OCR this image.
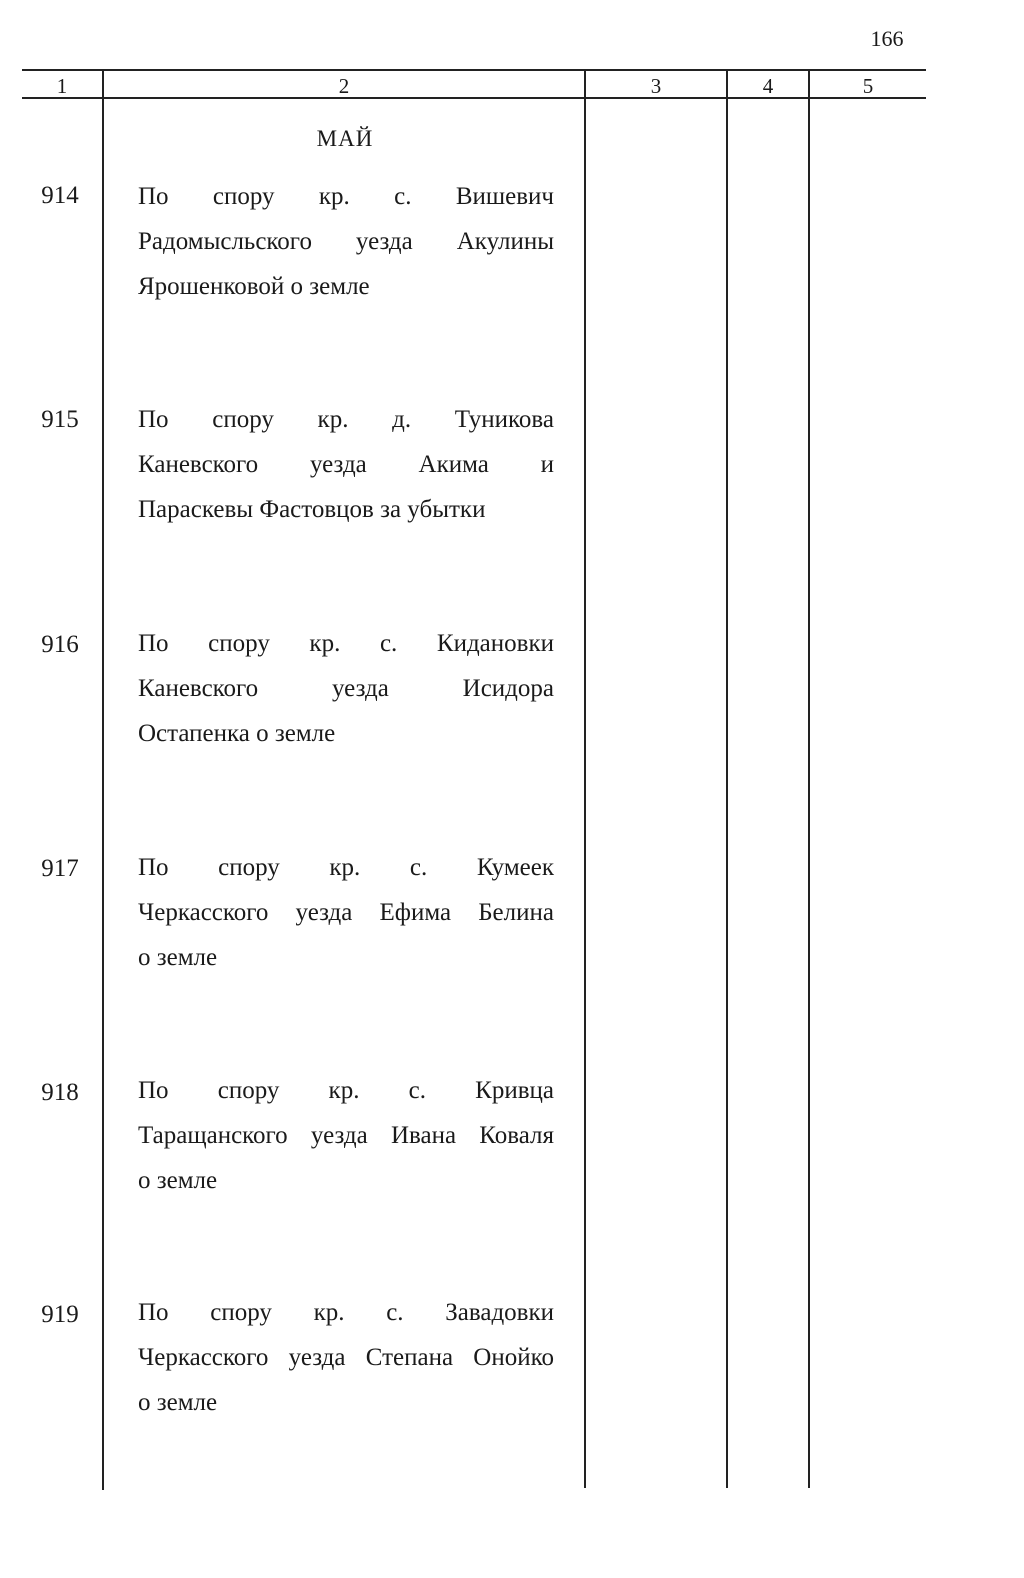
166
1	2	3	4	5
МАЙ
914	По спору кр. с. Вишевич
Радомысльского уезда Акулины
Ярошенковой о земле
915	По спору кр. д. Туникова
Каневского уезда Акима и
Параскевы Фастовцов за убытки
916	По спору кр. с. Кидановки
Каневского уезда Исидора
Остапенка о земле
917	По спору кр. с. Кумеек
Черкасского уезда Ефима Белина
о земле
918	По спору кр. с. Кривца
Таращанского уезда Ивана Коваля
о земле
919	По спору кр. с. Завадовки
Черкасского уезда Степана Онойко
о земле
